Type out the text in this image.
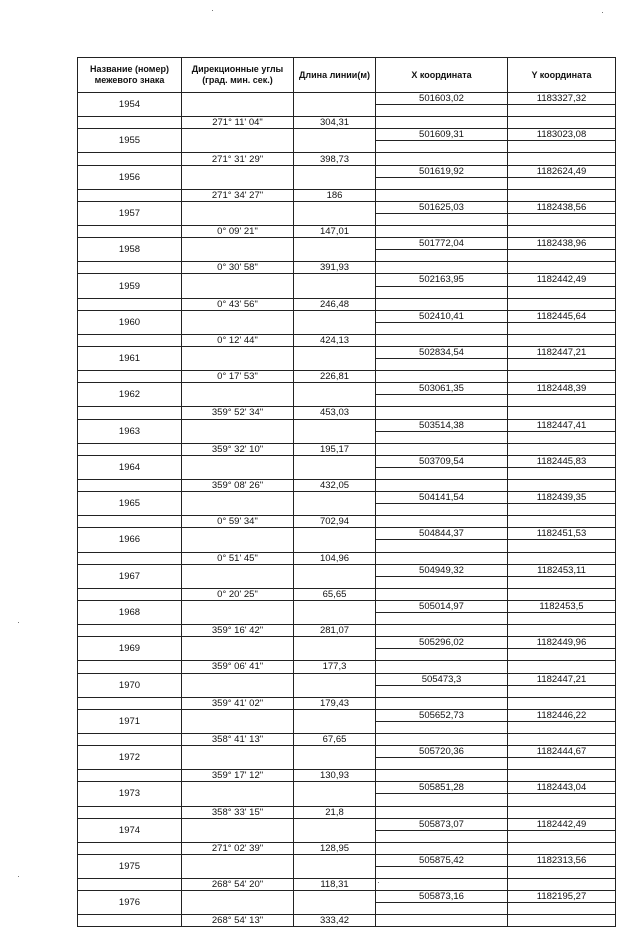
Название (номер) межевого знака	Дирекционные углы (град. мин. сек.)	Длина линии(м)	X координата	Y координата
1954			501603,02	1183327,32

	271° 11' 04"	304,31		

1955			501609,31	1183023,08

	271° 31' 29"	398,73		

1956			501619,92	1182624,49

	271° 34' 27"	186		

1957			501625,03	1182438,56

	0° 09' 21"	147,01		

1958			501772,04	1182438,96

	0° 30' 58"	391,93		

1959			502163,95	1182442,49

	0° 43' 56"	246,48		

1960			502410,41	1182445,64

	0° 12' 44"	424,13		

1961			502834,54	1182447,21

	0° 17' 53"	226,81		

1962			503061,35	1182448,39

	359° 52' 34"	453,03		

1963			503514,38	1182447,41

	359° 32' 10"	195,17		

1964			503709,54	1182445,83

	359° 08' 26"	432,05		

1965			504141,54	1182439,35

	0° 59' 34"	702,94		

1966			504844,37	1182451,53

	0° 51' 45"	104,96		

1967			504949,32	1182453,11

	0° 20' 25"	65,65		

1968			505014,97	1182453,5

	359° 16' 42"	281,07		

1969			505296,02	1182449,96

	359° 06' 41"	177,3		

1970			505473,3	1182447,21

	359° 41' 02"	179,43		

1971			505652,73	1182446,22

	358° 41' 13"	67,65		

1972			505720,36	1182444,67

	359° 17' 12"	130,93		

1973			505851,28	1182443,04

	358° 33' 15"	21,8		

1974			505873,07	1182442,49

	271° 02' 39"	128,95		

1975			505875,42	1182313,56

	268° 54' 20"	118,31		

1976			505873,16	1182195,27

	268° 54' 13"	333,42		
